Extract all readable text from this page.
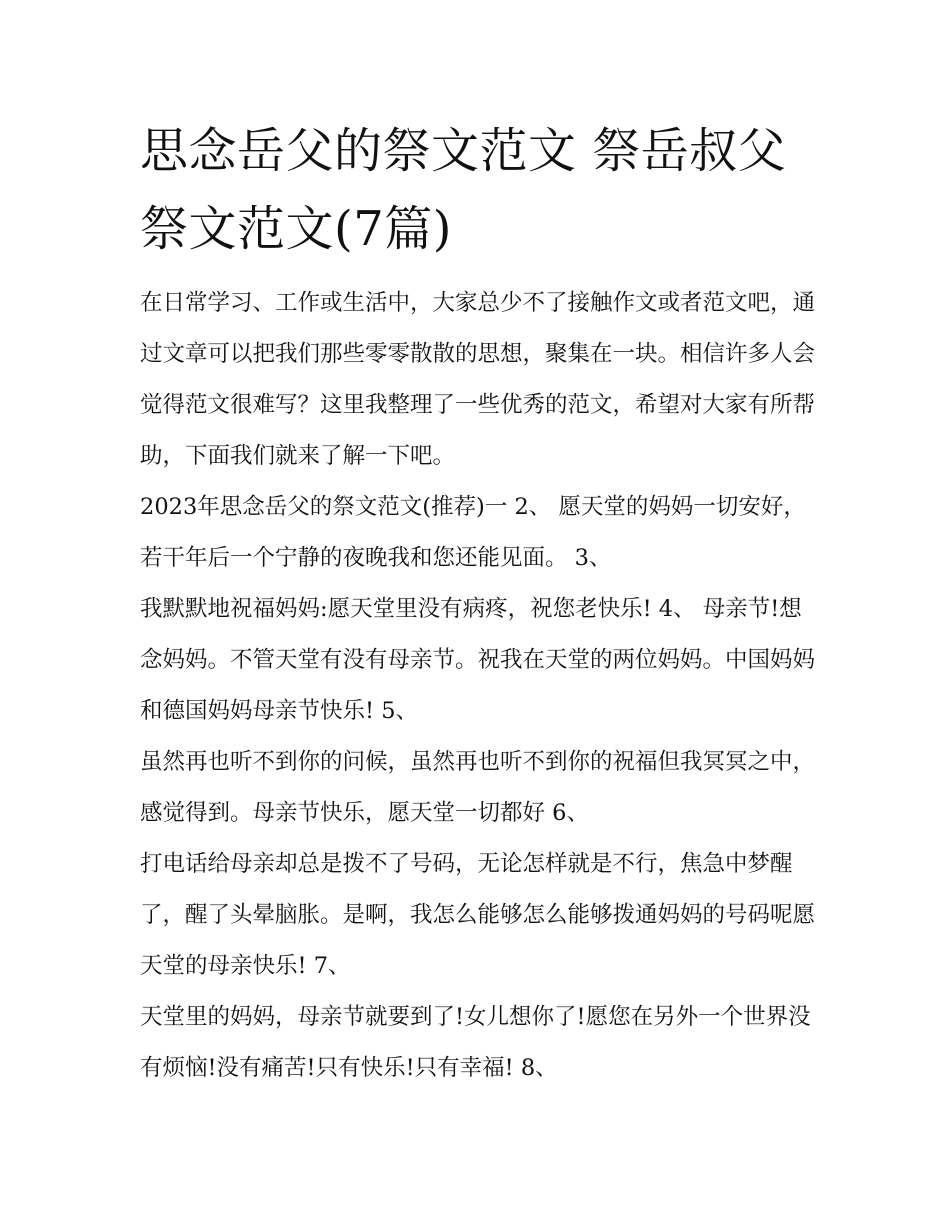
思念岳父的祭文范文 祭岳叔父祭文范文(7篇)

在日常学习、工作或生活中，大家总少不了接触作文或者范文吧，通过文章可以把我们那些零零散散的思想，聚集在一块。相信许多人会觉得范文很难写？这里我整理了一些优秀的范文，希望对大家有所帮助，下面我们就来了解一下吧。

2023年思念岳父的祭文范文(推荐)一 2、 愿天堂的妈妈一切安好，若干年后一个宁静的夜晚我和您还能见面。 3、

我默默地祝福妈妈:愿天堂里没有病疼，祝您老快乐! 4、 母亲节!想念妈妈。不管天堂有没有母亲节。祝我在天堂的两位妈妈。中国妈妈和德国妈妈母亲节快乐! 5、

虽然再也听不到你的问候，虽然再也听不到你的祝福但我冥冥之中，感觉得到。母亲节快乐，愿天堂一切都好 6、

打电话给母亲却总是拨不了号码，无论怎样就是不行，焦急中梦醒了，醒了头晕脑胀。是啊，我怎么能够怎么能够拨通妈妈的号码呢愿天堂的母亲快乐! 7、

天堂里的妈妈，母亲节就要到了!女儿想你了!愿您在另外一个世界没有烦恼!没有痛苦!只有快乐!只有幸福! 8、
